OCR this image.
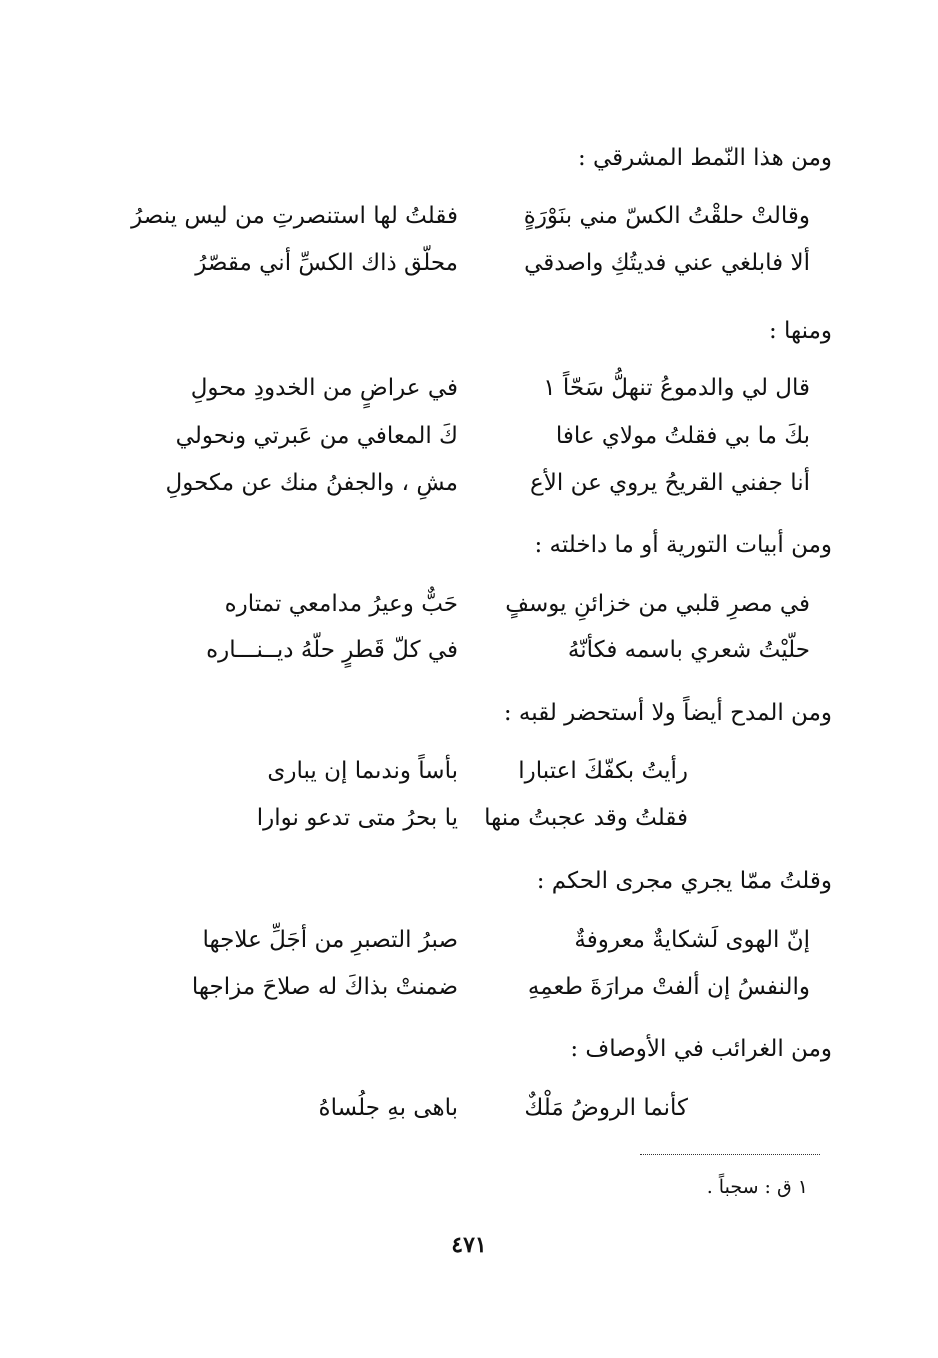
ومن هذا النّمط المشرقي :
وقالتْ حلقْتُ الكسّ مني بنَوْرَةٍ
فقلتُ لها استنصرتِ من ليس ينصرُ
ألا فابلغي عني فديتُكِ واصدقي
محلّق ذاك الكسِّ أني مقصّرُ
ومنها :
قال لي والدموعُ تنهلُّ سَحّاً ١
في عراضٍ من الخدودِ محولِ
بكَ ما بي فقلتُ مولاي عافا
كَ المعافي من عَبرتي ونحولي
أنا جفني القريحُ يروي عن الأع
مشِ ، والجفنُ منك عن مكحولِ
ومن أبيات التورية أو ما داخلته :
في مصرِ قلبي من خزائنِ يوسفٍ
حَبٌّ وعيرُ مدامعي تمتاره
حلّيْتُ شعري باسمه فكأنّهُ
في كلّ قَطرٍ حلّهُ ديــنـــاره
ومن المدح أيضاً ولا أستحضر لقبه :
رأيتُ بكفّكَ اعتبارا
بأساً وندىما إن يبارى
فقلتُ وقد عجبتُ منها
يا بحرُ متى تدعو نوارا
وقلتُ ممّا يجري مجرى الحكم :
إنّ الهوى لَشكايةٌ معروفةٌ
صبرُ التصبرِ من أجَلِّ علاجها
والنفسُ إن ألفتْ مرارَةَ طعمِهِ
ضمنتْ بذاكَ له صلاحَ مزاجها
ومن الغرائب في الأوصاف :
كأنما الروضُ مَلْكٌ
باهى بهِ جلُساهُ
١ ق : سجباً .
٤٧١
